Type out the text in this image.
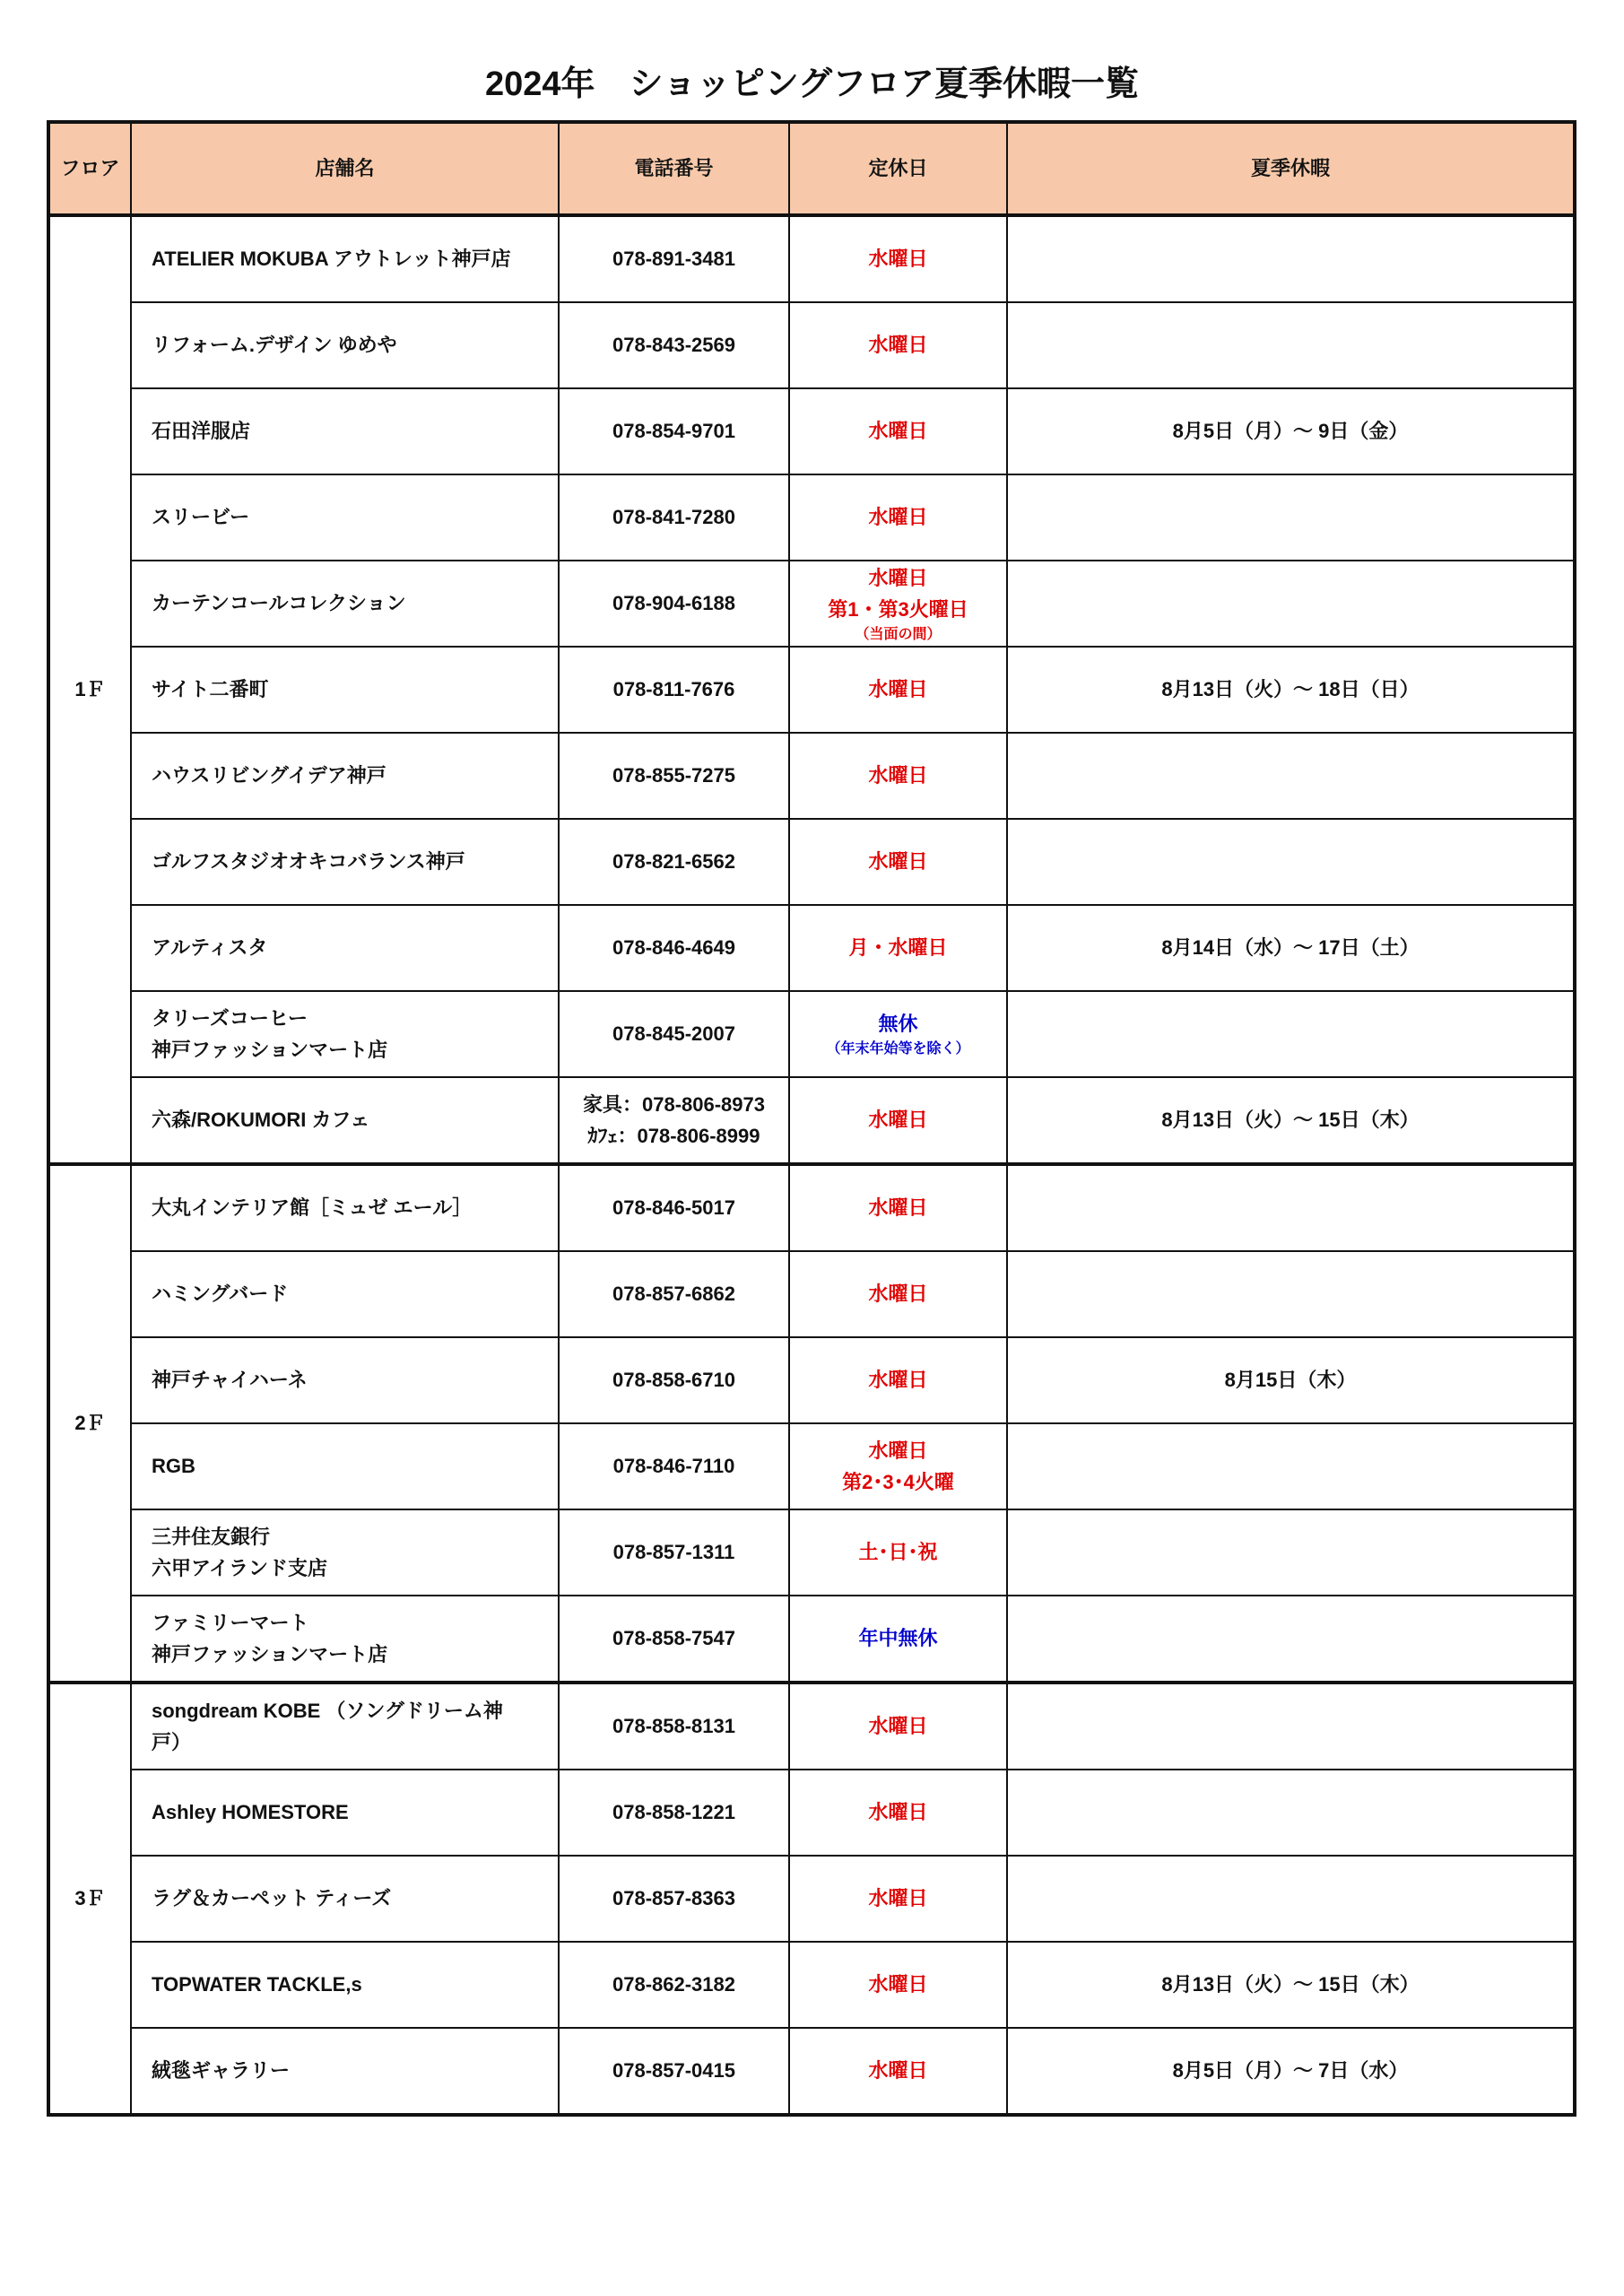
2024年　ショッピングフロア夏季休暇一覧
フロア	店舗名	電話番号	定休日	夏季休暇
1Ｆ	ATELIER MOKUBA アウトレット神戸店	078-891-3481	水曜日	

	リフォーム.デザイン ゆめや	078-843-2569	水曜日	

	石田洋服店	078-854-9701	水曜日	8月5日（月）～ 9日（金）

	スリービー	078-841-7280	水曜日	

	カーテンコールコレクション	078-904-6188	水曜日
第1・第3火曜日
（当面の間）	

	サイト二番町	078-811-7676	水曜日	8月13日（火）～ 18日（日）

	ハウスリビングイデア神戸	078-855-7275	水曜日	

	ゴルフスタジオオキコバランス神戸	078-821-6562	水曜日	

	アルティスタ	078-846-4649	月・水曜日	8月14日（水）～ 17日（土）

	タリーズコーヒー
神戸ファッションマート店	078-845-2007	無休
（年末年始等を除く）	

	六森/ROKUMORI カフェ	家具：078-806-8973
ｶﾌｪ：078-806-8999	水曜日	8月13日（火）～ 15日（木）
2Ｆ	大丸インテリア館［ミュゼ エール］	078-846-5017	水曜日	

	ハミングバード	078-857-6862	水曜日	

	神戸チャイハーネ	078-858-6710	水曜日	8月15日（木）

	RGB	078-846-7110	水曜日
第2･3･4火曜	

	三井住友銀行
六甲アイランド支店	078-857-1311	土･日･祝	

	ファミリーマート
神戸ファッションマート店	078-858-7547	年中無休	

3Ｆ	songdream KOBE （ソングドリーム神
戸）	078-858-8131	水曜日	

	Ashley HOMESTORE	078-858-1221	水曜日	

	ラグ＆カーペット ティーズ	078-857-8363	水曜日	

	TOPWATER TACKLE,s	078-862-3182	水曜日	8月13日（火）～ 15日（木）

	絨毯ギャラリー	078-857-0415	水曜日	8月5日（月）～ 7日（水）
